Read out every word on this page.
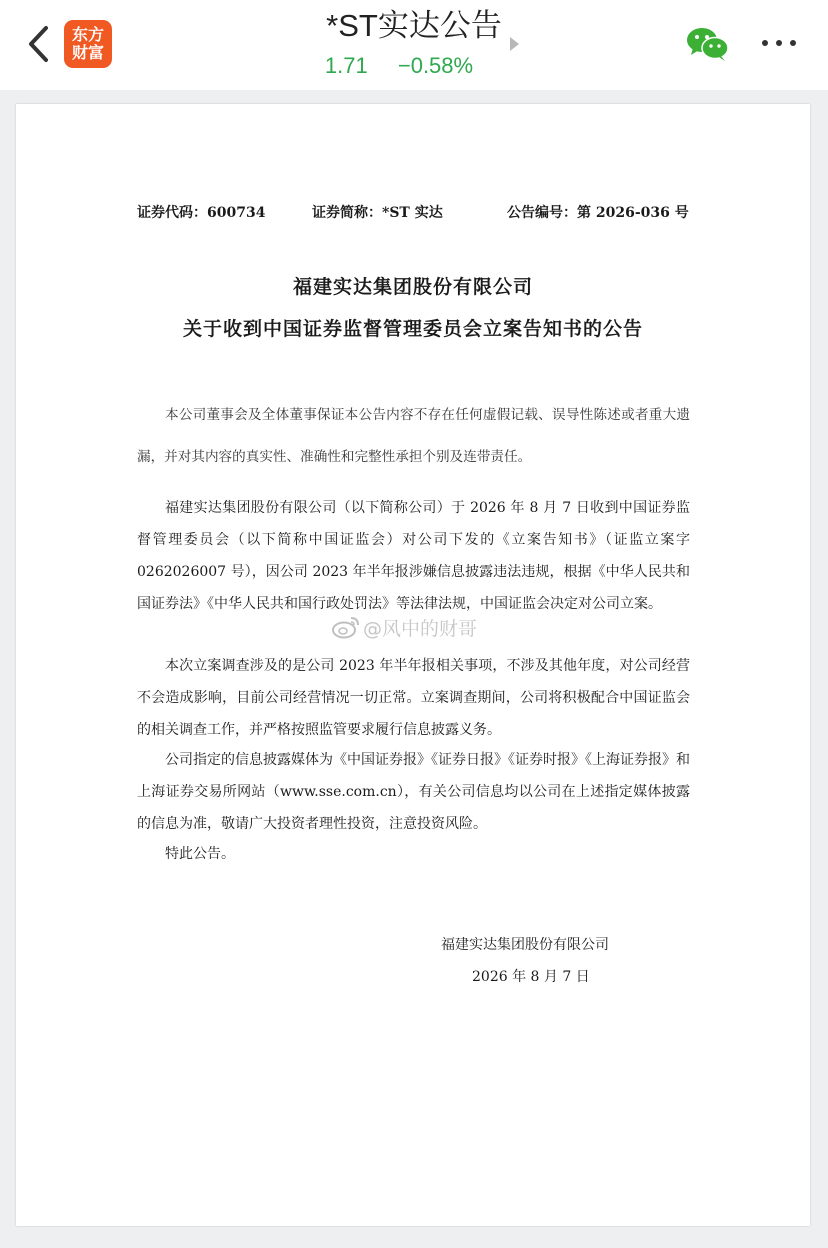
东方
财富
*ST实达公告
1.71 −0.58%
证券代码：600734	证券简称：*ST 实达	公告编号：第 2026-036 号
福建实达集团股份有限公司
关于收到中国证券监督管理委员会立案告知书的公告

本公司董事会及全体董事保证本公告内容不存在任何虚假记载、误导性陈述或者重大遗漏，并对其内容的真实性、准确性和完整性承担个别及连带责任。

福建实达集团股份有限公司（以下简称公司）于 2026 年 8 月 7 日收到中国证券监督管理委员会（以下简称中国证监会）对公司下发的《立案告知书》（证监立案字 0262026007 号），因公司 2023 年半年报涉嫌信息披露违法违规，根据《中华人民共和国证券法》《中华人民共和国行政处罚法》等法律法规，中国证监会决定对公司立案。

本次立案调查涉及的是公司 2023 年半年报相关事项，不涉及其他年度，对公司经营不会造成影响，目前公司经营情况一切正常。立案调查期间，公司将积极配合中国证监会的相关调查工作，并严格按照监管要求履行信息披露义务。

公司指定的信息披露媒体为《中国证券报》《证券日报》《证券时报》《上海证券报》和上海证券交易所网站（www.sse.com.cn），有关公司信息均以公司在上述指定媒体披露的信息为准，敬请广大投资者理性投资，注意投资风险。

特此公告。

福建实达集团股份有限公司
2026 年 8 月 7 日
@风中的财哥
